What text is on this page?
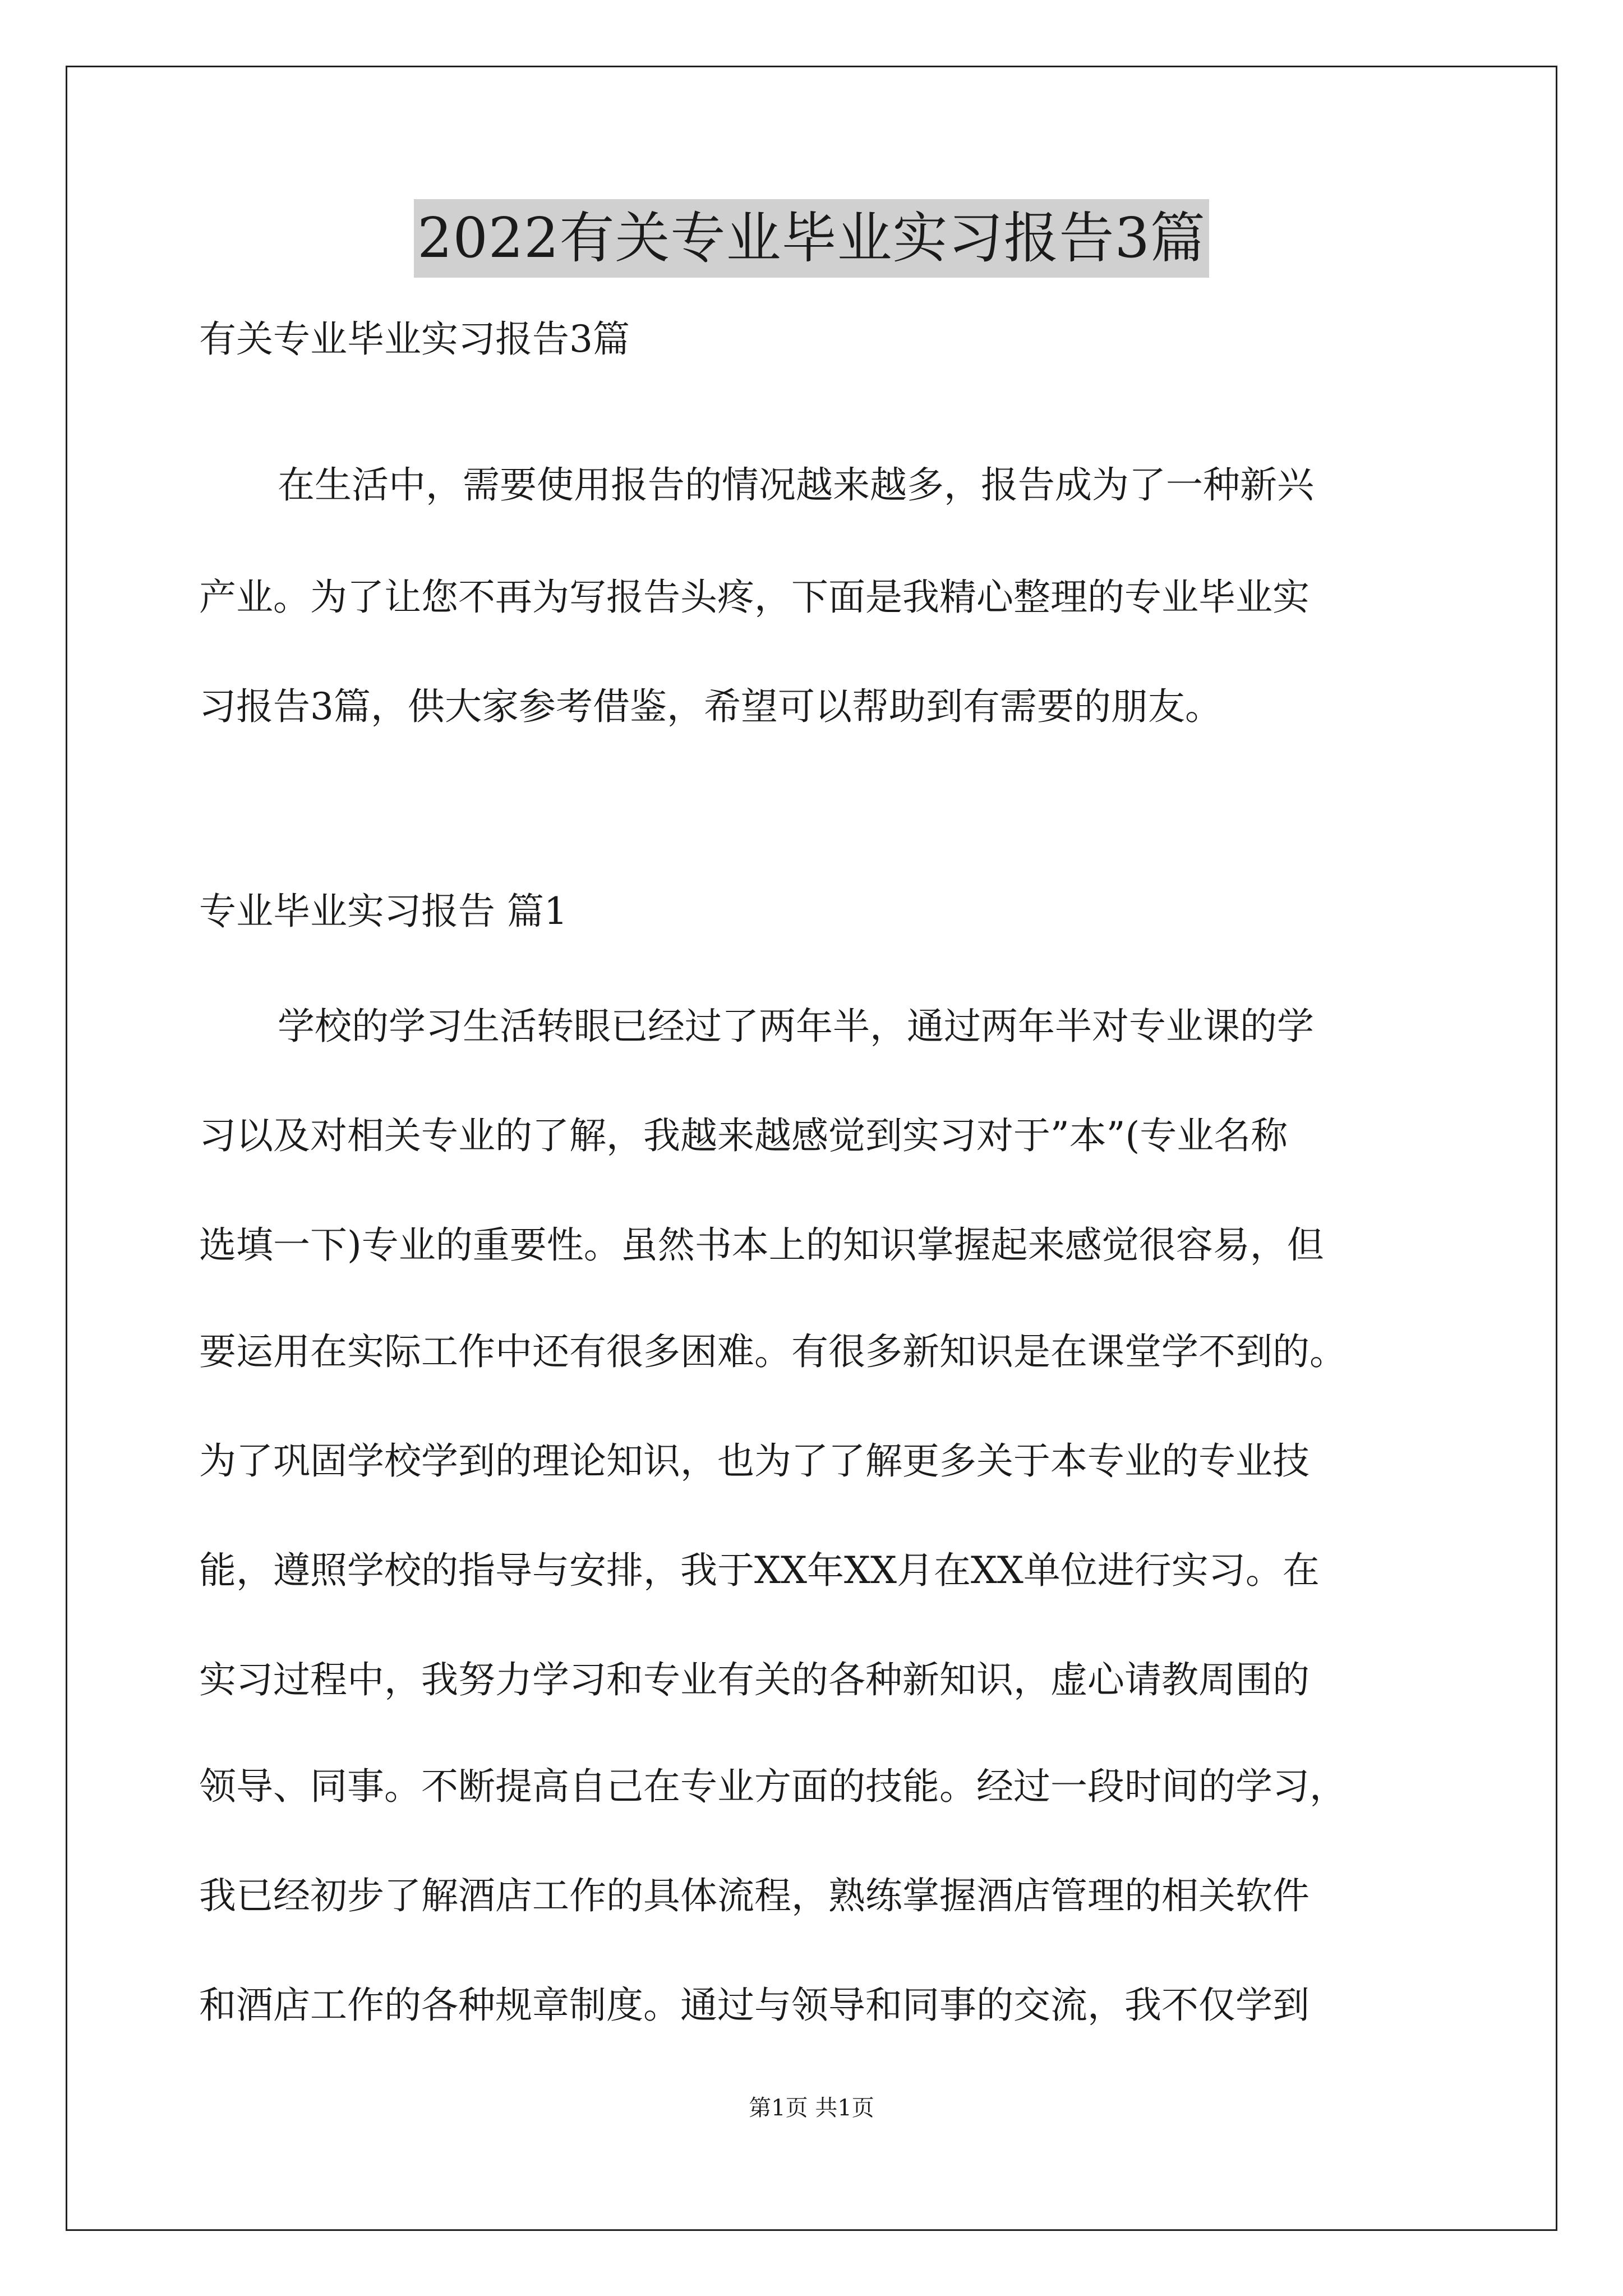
2022有关专业毕业实习报告3篇
有关专业毕业实习报告3篇
在生活中，需要使用报告的情况越来越多，报告成为了一种新兴
产业。为了让您不再为写报告头疼，下面是我精心整理的专业毕业实
习报告3篇，供大家参考借鉴，希望可以帮助到有需要的朋友。
专业毕业实习报告 篇1
学校的学习生活转眼已经过了两年半，通过两年半对专业课的学
习以及对相关专业的了解，我越来越感觉到实习对于”本”(专业名称
选填一下)专业的重要性。虽然书本上的知识掌握起来感觉很容易，但
要运用在实际工作中还有很多困难。有很多新知识是在课堂学不到的。
为了巩固学校学到的理论知识，也为了了解更多关于本专业的专业技
能，遵照学校的指导与安排，我于XX年XX月在XX单位进行实习。在
实习过程中，我努力学习和专业有关的各种新知识，虚心请教周围的
领导、同事。不断提高自己在专业方面的技能。经过一段时间的学习，
我已经初步了解酒店工作的具体流程，熟练掌握酒店管理的相关软件
和酒店工作的各种规章制度。通过与领导和同事的交流，我不仅学到
第1页 共1页
